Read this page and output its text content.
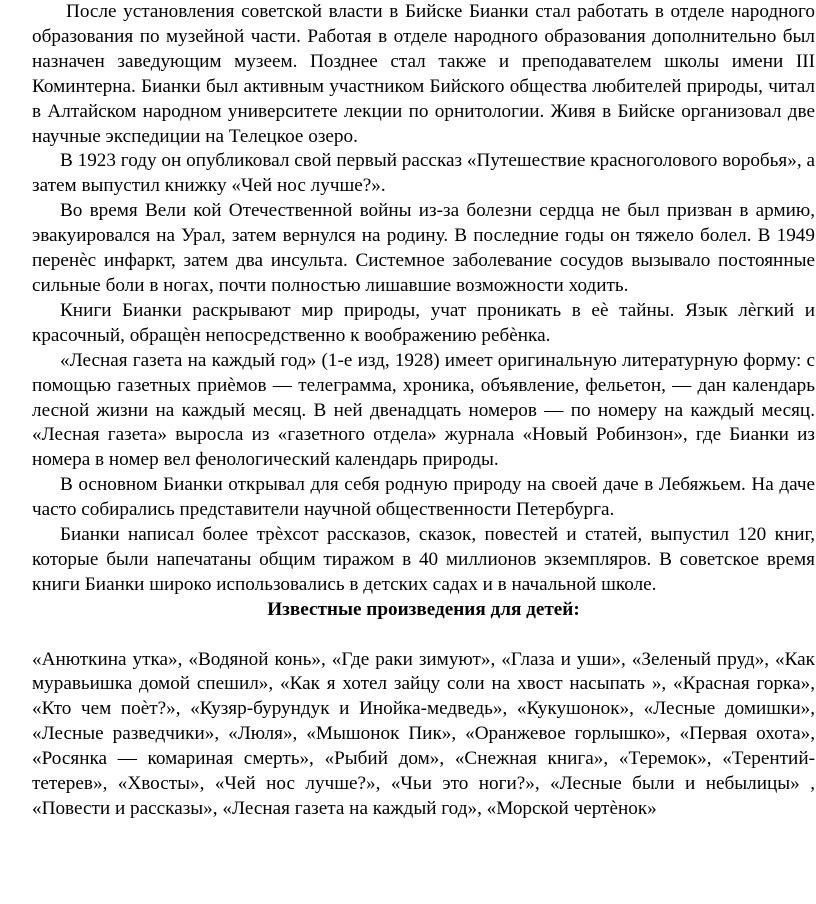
После установления советской власти в Бийске Бианки стал работать в отделе народного образования по музейной части. Работая в отделе народного образования дополнительно был назначен заведующим музеем. Позднее стал также и преподавателем школы имени III Коминтерна. Бианки был активным участником Бийского общества любителей природы, читал в Алтайском народном университете лекции по орнитологии. Живя в Бийске организовал две научные экспедиции на Телецкое озеро.

В 1923 году он опубликовал свой первый рассказ «Путешествие красноголового воробья», а затем выпустил книжку «Чей нос лучше?».

Во время Вели кой Отечественной войны из-за болезни сердца не был призван в армию, эвакуировался на Урал, затем вернулся на родину. В последние годы он тяжело болел. В 1949 перенѐс инфаркт, затем два инсульта. Системное заболевание сосудов вызывало постоянные сильные боли в ногах, почти полностью лишавшие возможности ходить.

Книги Бианки раскрывают мир природы, учат проникать в еѐ тайны. Язык лѐгкий и красочный, обращѐн непосредственно к воображению ребѐнка.

«Лесная газета на каждый год» (1-е изд, 1928) имеет оригинальную литературную форму: с помощью газетных приѐмов — телеграмма, хроника, объявление, фельетон, — дан календарь лесной жизни на каждый месяц. В ней двенадцать номеров — по номеру на каждый месяц. «Лесная газета» выросла из «газетного отдела» журнала «Новый Робинзон», где Бианки из номера в номер вел фенологический календарь природы.

В основном Бианки открывал для себя родную природу на своей даче в Лебяжьем. На даче часто собирались представители научной общественности Петербурга.

Бианки написал более трѐхсот рассказов, сказок, повестей и статей, выпустил 120 книг, которые были напечатаны общим тиражом в 40 миллионов экземпляров. В советское время книги Бианки широко использовались в детских садах и в начальной школе.

Известные произведения для детей:

«Анюткина утка», «Водяной конь», «Где раки зимуют», «Глаза и уши», «Зеленый пруд», «Как муравьишка домой спешил», «Как я хотел зайцу соли на хвост насыпать », «Красная горка», «Кто чем поѐт?», «Кузяр-бурундук и Инойка-медведь», «Кукушонок», «Лесные домишки», «Лесные разведчики», «Люля», «Мышонок Пик», «Оранжевое горлышко», «Первая охота», «Росянка — комариная смерть», «Рыбий дом», «Снежная книга», «Теремок», «Терентий-тетерев», «Хвосты», «Чей нос лучше?», «Чьи это ноги?», «Лесные были и небылицы» , «Повести и рассказы», «Лесная газета на каждый год», «Морской чертѐнок»
